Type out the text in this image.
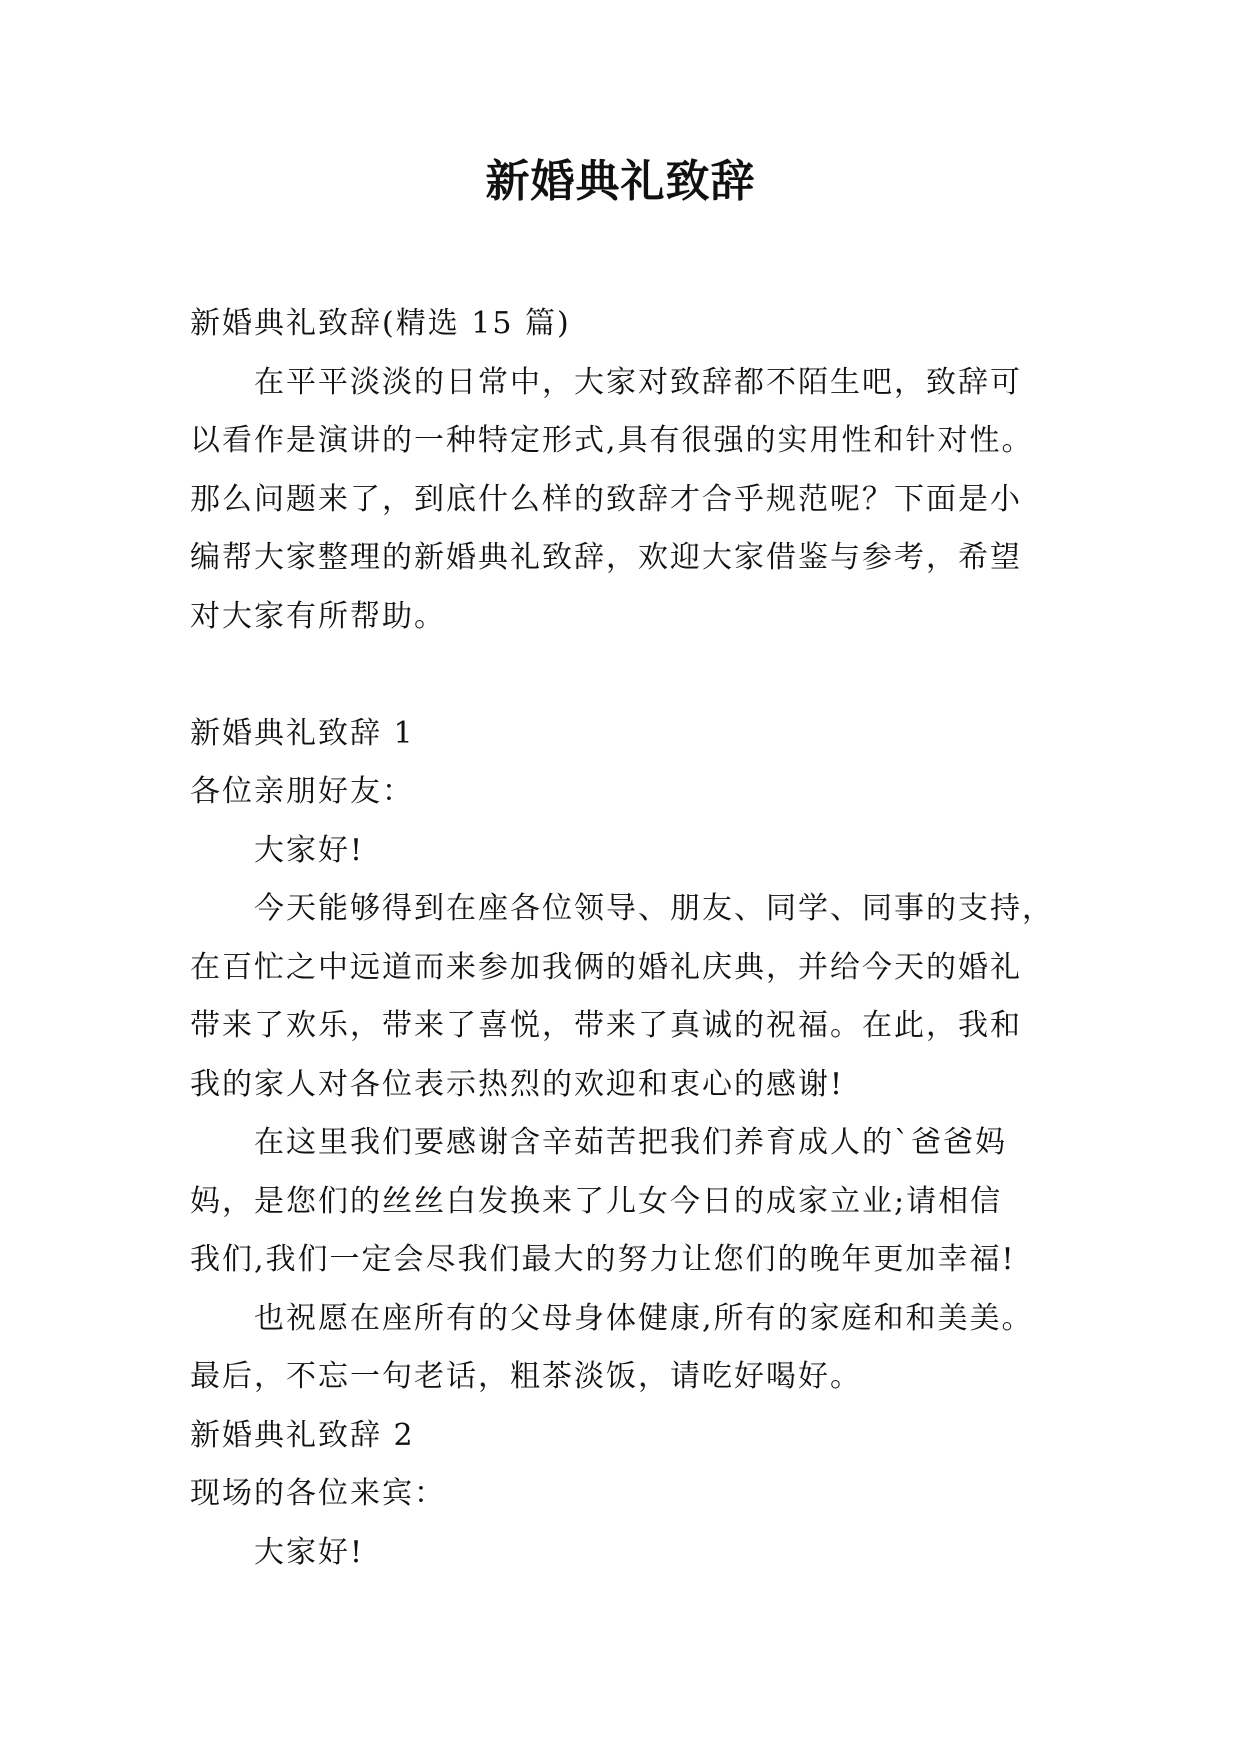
新婚典礼致辞

新婚典礼致辞(精选 15 篇)

在平平淡淡的日常中，大家对致辞都不陌生吧，致辞可

以看作是演讲的一种特定形式,具有很强的实用性和针对性。

那么问题来了，到底什么样的致辞才合乎规范呢？下面是小

编帮大家整理的新婚典礼致辞，欢迎大家借鉴与参考，希望

对大家有所帮助。

新婚典礼致辞 1

各位亲朋好友：

大家好!

今天能够得到在座各位领导、朋友、同学、同事的支持，

在百忙之中远道而来参加我俩的婚礼庆典，并给今天的婚礼

带来了欢乐，带来了喜悦，带来了真诚的祝福。在此，我和

我的家人对各位表示热烈的欢迎和衷心的感谢!

在这里我们要感谢含辛茹苦把我们养育成人的`爸爸妈

妈，是您们的丝丝白发换来了儿女今日的成家立业;请相信

我们,我们一定会尽我们最大的努力让您们的晚年更加幸福!

也祝愿在座所有的父母身体健康,所有的家庭和和美美。

最后，不忘一句老话，粗茶淡饭，请吃好喝好。

新婚典礼致辞 2

现场的各位来宾：

大家好!
